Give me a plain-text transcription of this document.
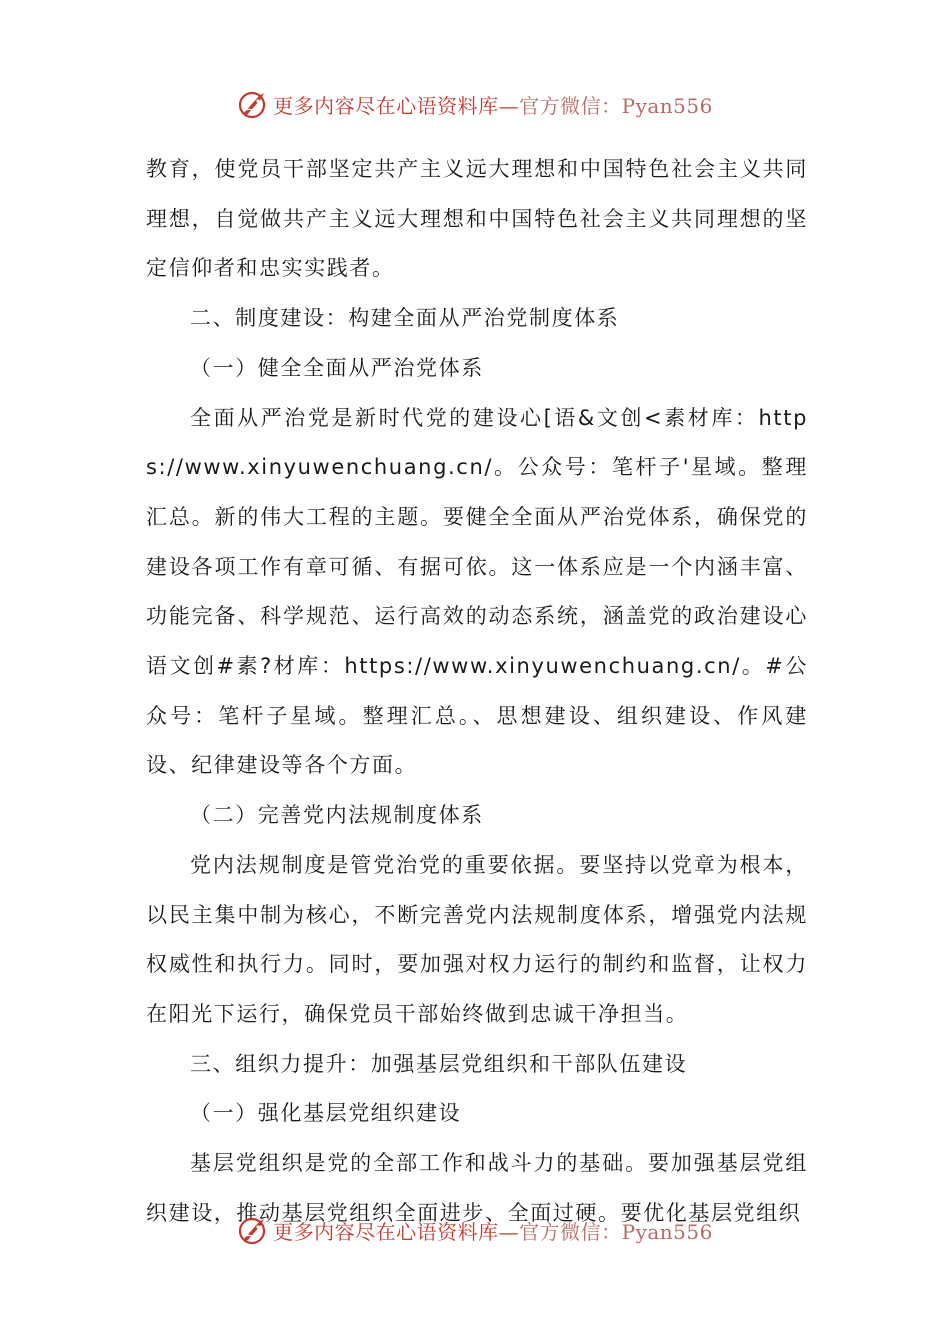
更多内容尽在心语资料库—官方微信：Pyan556

教育，使党员干部坚定共产主义远大理想和中国特色社会主义共同理想，自觉做共产主义远大理想和中国特色社会主义共同理想的坚定信仰者和忠实实践者。

二、制度建设：构建全面从严治党制度体系

（一）健全全面从严治党体系

全面从严治党是新时代党的建设心[语&文创<素材库：https://www.xinyuwenchuang.cn/。公众号：笔杆子'星域。整理汇总。新的伟大工程的主题。要健全全面从严治党体系，确保党的建设各项工作有章可循、有据可依。这一体系应是一个内涵丰富、功能完备、科学规范、运行高效的动态系统，涵盖党的政治建设心语文创#素?材库：https://www.xinyuwenchuang.cn/。#公众号：笔杆子星域。整理汇总。、思想建设、组织建设、作风建设、纪律建设等各个方面。

（二）完善党内法规制度体系

党内法规制度是管党治党的重要依据。要坚持以党章为根本，以民主集中制为核心，不断完善党内法规制度体系，增强党内法规权威性和执行力。同时，要加强对权力运行的制约和监督，让权力在阳光下运行，确保党员干部始终做到忠诚干净担当。

三、组织力提升：加强基层党组织和干部队伍建设

（一）强化基层党组织建设

基层党组织是党的全部工作和战斗力的基础。要加强基层党组织建设，推动基层党组织全面进步、全面过硬。要优化基层党组织

更多内容尽在心语资料库—官方微信：Pyan556
